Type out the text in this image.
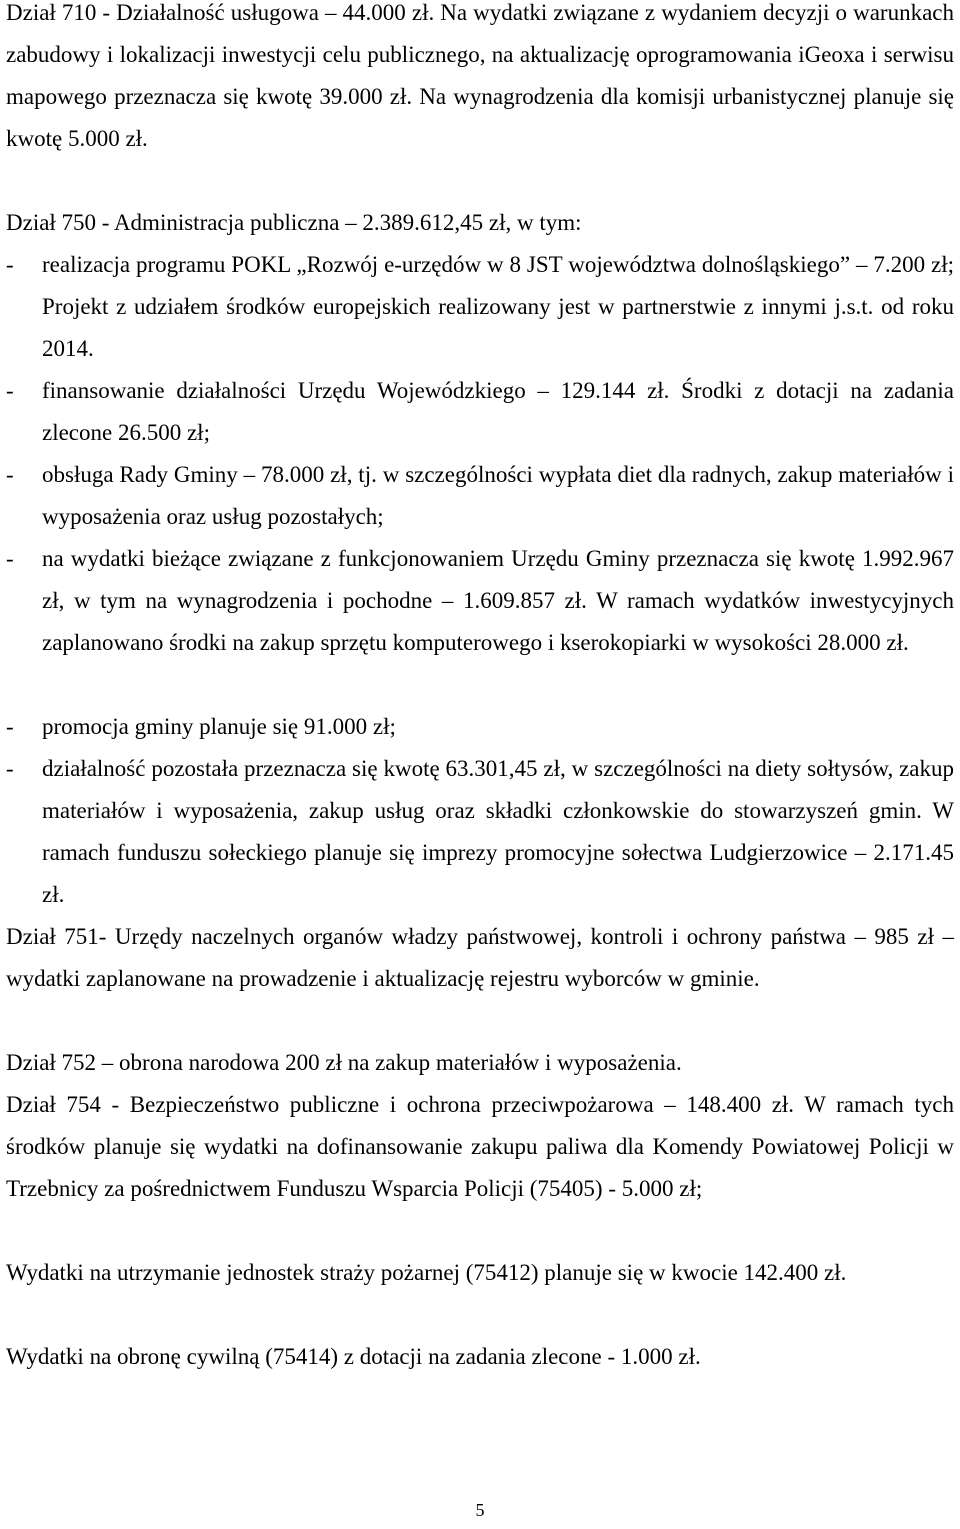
Dział 710 - Działalność usługowa – 44.000 zł. Na wydatki związane z wydaniem decyzji o warunkach zabudowy i lokalizacji inwestycji celu publicznego, na aktualizację oprogramowania iGeoxa i serwisu mapowego przeznacza się kwotę 39.000 zł. Na wynagrodzenia dla komisji urbanistycznej planuje się kwotę 5.000 zł.

Dział 750 - Administracja publiczna – 2.389.612,45 zł, w tym:

-	realizacja programu POKL „Rozwój e-urzędów w 8 JST województwa dolnośląskiego” – 7.200 zł; Projekt z udziałem środków europejskich realizowany jest w partnerstwie z innymi j.s.t. od roku 2014.
-	finansowanie działalności Urzędu Wojewódzkiego – 129.144 zł. Środki z dotacji na zadania zlecone 26.500 zł;
-	obsługa Rady Gminy – 78.000 zł, tj. w szczególności wypłata diet dla radnych, zakup materiałów i wyposażenia oraz usług pozostałych;
-	na wydatki bieżące związane z funkcjonowaniem Urzędu Gminy przeznacza się kwotę 1.992.967 zł, w tym na wynagrodzenia i pochodne – 1.609.857 zł. W ramach wydatków inwestycyjnych zaplanowano środki na zakup sprzętu komputerowego i kserokopiarki w wysokości 28.000 zł.
-	promocja gminy planuje się 91.000 zł;
-	działalność pozostała przeznacza się kwotę 63.301,45 zł, w szczególności na diety sołtysów, zakup materiałów i wyposażenia, zakup usług oraz składki członkowskie do stowarzyszeń gmin. W ramach funduszu sołeckiego planuje się imprezy promocyjne sołectwa Ludgierzowice – 2.171.45 zł.

Dział 751- Urzędy naczelnych organów władzy państwowej, kontroli i ochrony państwa – 985 zł – wydatki zaplanowane na prowadzenie i aktualizację rejestru wyborców w gminie.

Dział 752 – obrona narodowa 200 zł na zakup materiałów i wyposażenia.

Dział 754 - Bezpieczeństwo publiczne i ochrona przeciwpożarowa – 148.400 zł. W ramach tych środków planuje się wydatki na dofinansowanie zakupu paliwa dla Komendy Powiatowej Policji w Trzebnicy za pośrednictwem Funduszu Wsparcia Policji (75405) - 5.000 zł;

Wydatki na utrzymanie jednostek straży pożarnej (75412) planuje się w kwocie 142.400 zł.

Wydatki na obronę cywilną (75414) z dotacji na zadania zlecone - 1.000 zł.

5
